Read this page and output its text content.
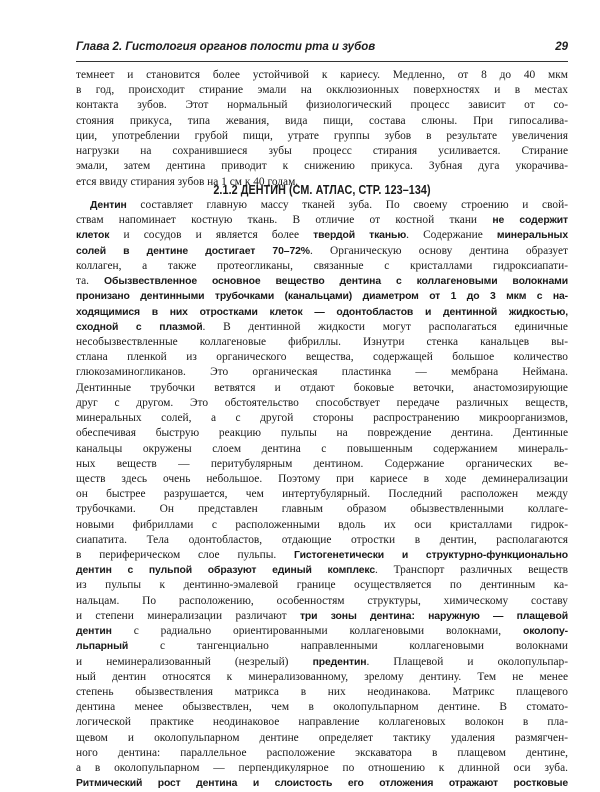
Глава 2. Гистология органов полости рта и зубов	29
темнеет и становится более устойчивой к кариесу. Медленно, от 8 до 40 мкм
в год, происходит стирание эмали на окклюзионных поверхностях и в местах
контакта зубов. Этот нормальный физиологический процесс зависит от со-
стояния прикуса, типа жевания, вида пищи, состава слюны. При гипосалива-
ции, употреблении грубой пищи, утрате группы зубов в результате увеличения
нагрузки на сохранившиеся зубы процесс стирания усиливается. Стирание
эмали, затем дентина приводит к снижению прикуса. Зубная дуга укорачива-
ется ввиду стирания зубов на 1 см к 40 годам.
2.1.2 ДЕНТИН (СМ. АТЛАС, СТР. 123–134)
Дентин составляет главную массу тканей зуба. По своему строению и свой-
ствам напоминает костную ткань. В отличие от костной ткани не содержит
клеток и сосудов и является более твердой тканью. Содержание минеральных
солей в дентине достигает 70–72%. Органическую основу дентина образует
коллаген, а также протеогликаны, связанные с кристаллами гидроксиапати-
та. Обызвествленное основное вещество дентина с коллагеновыми волокнами
пронизано дентинными трубочками (канальцами) диаметром от 1 до 3 мкм с на-
ходящимися в них отростками клеток — одонтобластов и дентинной жидкостью,
сходной с плазмой. В дентинной жидкости могут располагаться единичные
несобызвествленные коллагеновые фибриллы. Изнутри стенка канальцев вы-
стлана пленкой из органического вещества, содержащей большое количество
глюкозаминогликанов. Это органическая пластинка — мембрана Неймана.
Дентинные трубочки ветвятся и отдают боковые веточки, анастомозирующие
друг с другом. Это обстоятельство способствует передаче различных веществ,
минеральных солей, а с другой стороны распространению микроорганизмов,
обеспечивая быструю реакцию пульпы на повреждение дентина. Дентинные
канальцы окружены слоем дентина с повышенным содержанием минераль-
ных веществ — перитубулярным дентином. Содержание органических ве-
ществ здесь очень небольшое. Поэтому при кариесе в ходе деминерализации
он быстрее разрушается, чем интертубулярный. Последний расположен между
трубочками. Он представлен главным образом обызвествленными коллаге-
новыми фибриллами с расположенными вдоль их оси кристаллами гидрок-
сиапатита. Тела одонтобластов, отдающие отростки в дентин, располагаются
в периферическом слое пульпы. Гистогенетически и структурно-функционально
дентин с пульпой образуют единый комплекс. Транспорт различных веществ
из пульпы к дентинно-эмалевой границе осуществляется по дентинным ка-
нальцам. По расположению, особенностям структуры, химическому составу
и степени минерализации различают три зоны дентина: наружную — плащевой
дентин с радиально ориентированными коллагеновыми волокнами, околопу-
льпарный с тангенциально направленными коллагеновыми волокнами
и неминерализованный (незрелый) предентин. Плащевой и околопульпар-
ный дентин относятся к минерализованному, зрелому дентину. Тем не менее
степень обызвествления матрикса в них неодинакова. Матрикс плащевого
дентина менее обызвествлен, чем в околопульпарном дентине. В стомато-
логической практике неодинаковое направление коллагеновых волокон в пла-
щевом и околопульпарном дентине определяет тактику удаления размягчен-
ного дентина: параллельное расположение экскаватора в плащевом дентине,
а в околопульпарном — перпендикулярное по отношению к длинной оси зуба.
Ритмический рост дентина и слоистость его отложения отражают ростковые
